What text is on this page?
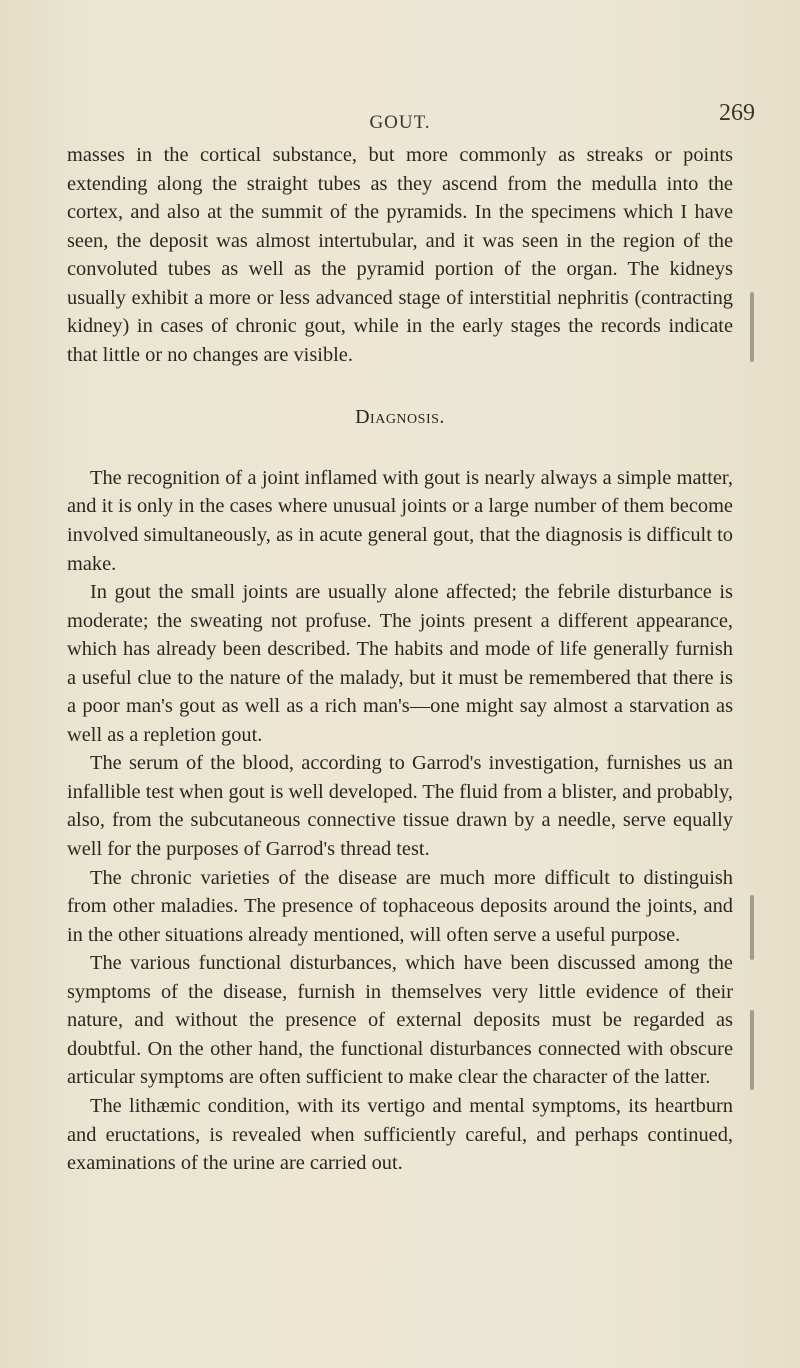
GOUT.	269

masses in the cortical substance, but more commonly as streaks or points extending along the straight tubes as they ascend from the medulla into the cortex, and also at the summit of the pyramids. In the specimens which I have seen, the deposit was almost intertubular, and it was seen in the region of the convoluted tubes as well as the pyramid portion of the organ. The kidneys usually exhibit a more or less advanced stage of interstitial nephritis (contracting kidney) in cases of chronic gout, while in the early stages the records indicate that little or no changes are visible.

Diagnosis.

The recognition of a joint inflamed with gout is nearly always a simple matter, and it is only in the cases where unusual joints or a large number of them become involved simultaneously, as in acute general gout, that the diagnosis is difficult to make.

In gout the small joints are usually alone affected; the febrile disturbance is moderate; the sweating not profuse. The joints present a different appearance, which has already been described. The habits and mode of life generally furnish a useful clue to the nature of the malady, but it must be remembered that there is a poor man's gout as well as a rich man's—one might say almost a starvation as well as a repletion gout.

The serum of the blood, according to Garrod's investigation, furnishes us an infallible test when gout is well developed. The fluid from a blister, and probably, also, from the subcutaneous connective tissue drawn by a needle, serve equally well for the purposes of Garrod's thread test.

The chronic varieties of the disease are much more difficult to distinguish from other maladies. The presence of tophaceous deposits around the joints, and in the other situations already mentioned, will often serve a useful purpose.

The various functional disturbances, which have been discussed among the symptoms of the disease, furnish in themselves very little evidence of their nature, and without the presence of external deposits must be regarded as doubtful. On the other hand, the functional disturbances connected with obscure articular symptoms are often sufficient to make clear the character of the latter.

The lithæmic condition, with its vertigo and mental symptoms, its heartburn and eructations, is revealed when sufficiently careful, and perhaps continued, examinations of the urine are carried out.
